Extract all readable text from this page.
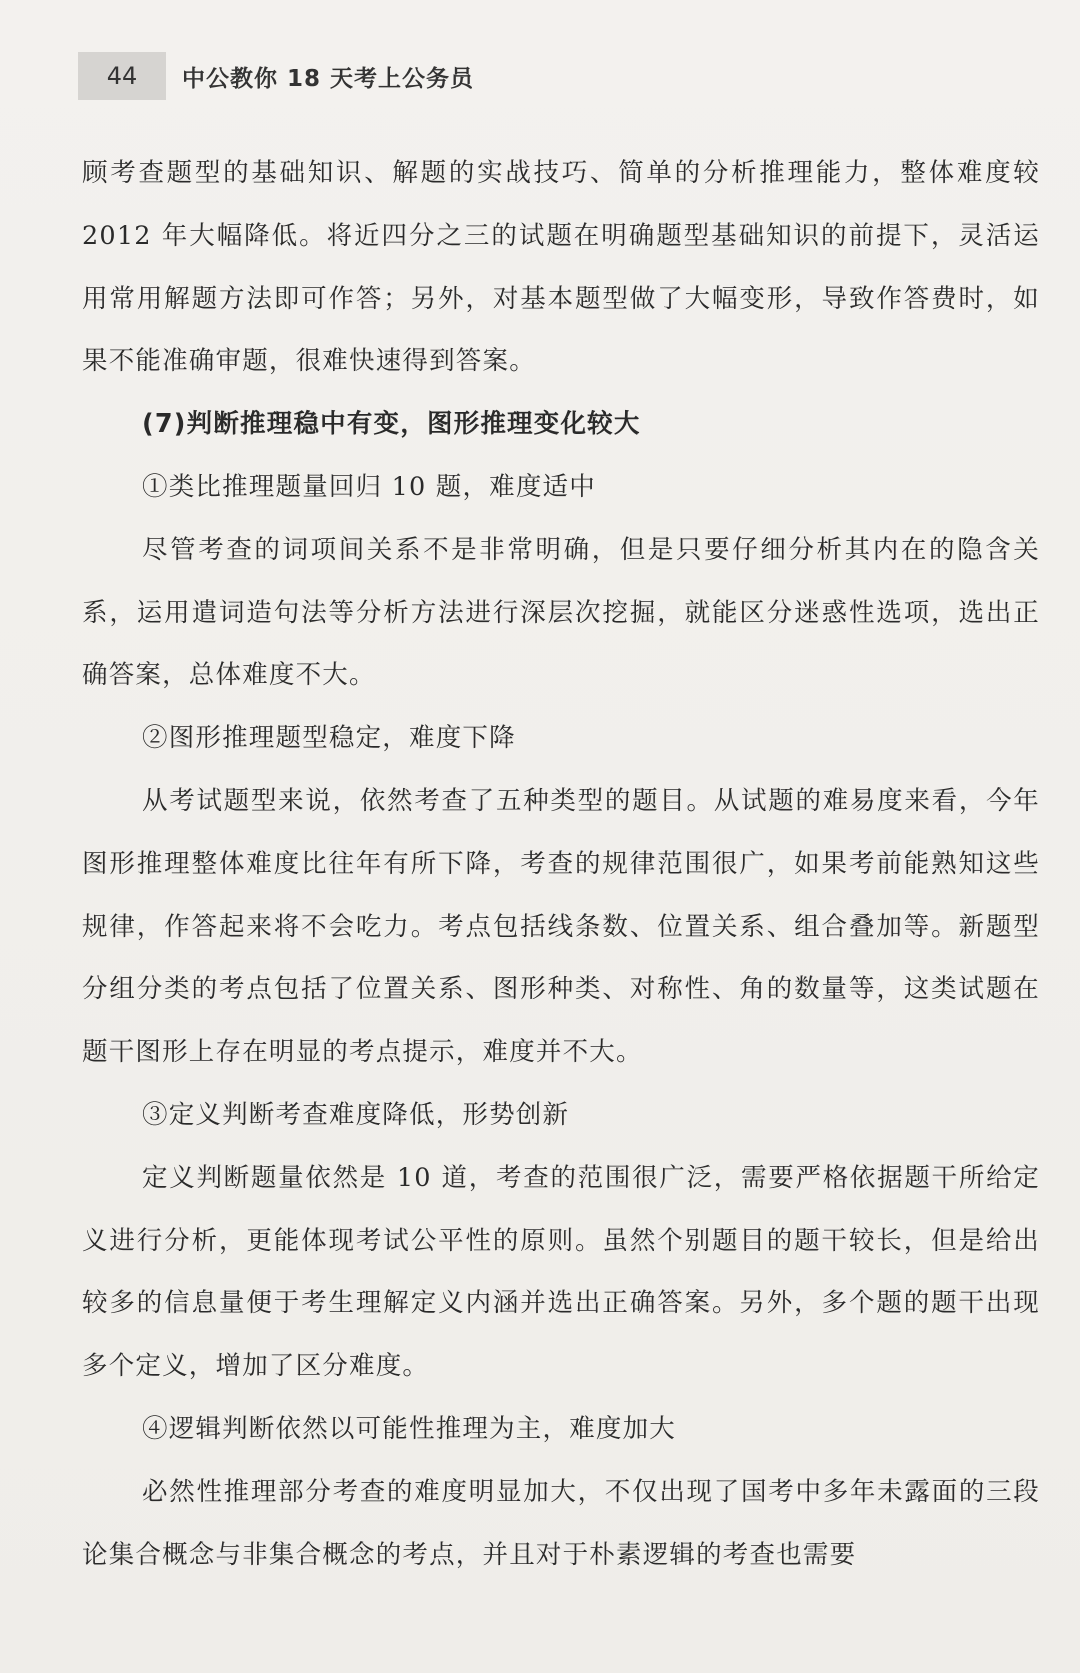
44	中公教你 18 天考上公务员

顾考查题型的基础知识、解题的实战技巧、简单的分析推理能力，整体难度较 2012 年大幅降低。将近四分之三的试题在明确题型基础知识的前提下，灵活运用常用解题方法即可作答；另外，对基本题型做了大幅变形，导致作答费时，如果不能准确审题，很难快速得到答案。

(7)判断推理稳中有变，图形推理变化较大

①类比推理题量回归 10 题，难度适中

尽管考查的词项间关系不是非常明确，但是只要仔细分析其内在的隐含关系，运用遣词造句法等分析方法进行深层次挖掘，就能区分迷惑性选项，选出正确答案，总体难度不大。

②图形推理题型稳定，难度下降

从考试题型来说，依然考查了五种类型的题目。从试题的难易度来看，今年图形推理整体难度比往年有所下降，考查的规律范围很广，如果考前能熟知这些规律，作答起来将不会吃力。考点包括线条数、位置关系、组合叠加等。新题型分组分类的考点包括了位置关系、图形种类、对称性、角的数量等，这类试题在题干图形上存在明显的考点提示，难度并不大。

③定义判断考查难度降低，形势创新

定义判断题量依然是 10 道，考查的范围很广泛，需要严格依据题干所给定义进行分析，更能体现考试公平性的原则。虽然个别题目的题干较长，但是给出较多的信息量便于考生理解定义内涵并选出正确答案。另外，多个题的题干出现多个定义，增加了区分难度。

④逻辑判断依然以可能性推理为主，难度加大

必然性推理部分考查的难度明显加大，不仅出现了国考中多年未露面的三段论集合概念与非集合概念的考点，并且对于朴素逻辑的考查也需要
